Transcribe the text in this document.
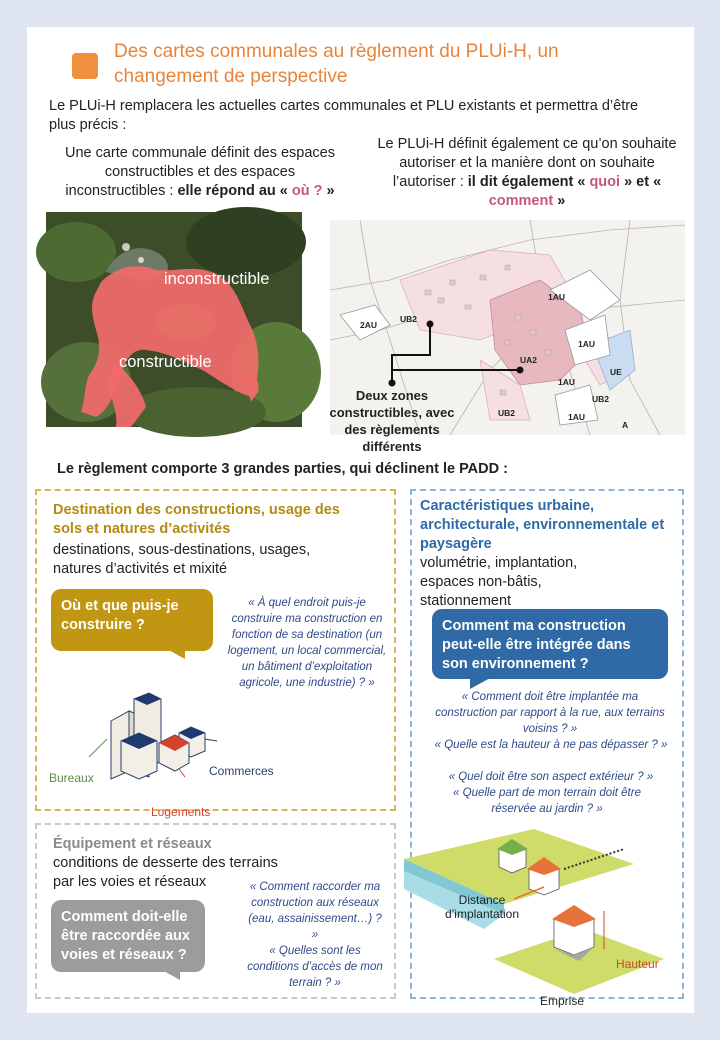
Des cartes communales au règlement du PLUi-H, un changement de perspective
Le PLUi-H remplacera les actuelles cartes communales et PLU existants et permettra d’être plus précis :
Une carte communale définit des espaces constructibles et des espaces inconstructibles : elle répond au « où ? »
Le PLUi-H définit également ce qu’on souhaite autoriser et la manière dont on souhaite l’autoriser : il dit également « quoi » et « comment »
inconstructible
constructible
2AU
UB2
UA2
1AU
1AU
1AU
UE
UB2
UB2	1AU
A
Deux zones constructibles, avec des règlements différents
Le règlement comporte 3 grandes parties, qui déclinent le PADD :
Destination des constructions, usage des sols et natures d’activités
destinations, sous-destinations, usages, natures d’activités et mixité
Où et que puis-je construire ?
« À quel endroit puis-je construire ma construction en fonction de sa destination (un logement, un local commercial, un bâtiment d’exploitation agricole, une industrie) ? »
Bureaux	Commerces
Logements
Caractéristiques urbaine, architecturale, environnementale et paysagère
volumétrie, implantation, espaces non-bâtis, stationnement
Comment ma construction peut-elle être intégrée dans son environnement ?
« Comment doit être implantée ma construction par rapport à la rue, aux terrains voisins ? »
« Quelle est la hauteur à ne pas dépasser ? »
« Quel doit être son aspect extérieur ? »
« Quelle part de mon terrain doit être réservée au jardin ? »
Distance d’implantation
Hauteur
Emprise
Équipement et réseaux
conditions de desserte des terrains par les voies et réseaux
Comment doit-elle être raccordée aux voies et réseaux ?
« Comment raccorder ma construction aux réseaux (eau, assainissement…) ? »
« Quelles sont les conditions d’accès de mon terrain ? »
